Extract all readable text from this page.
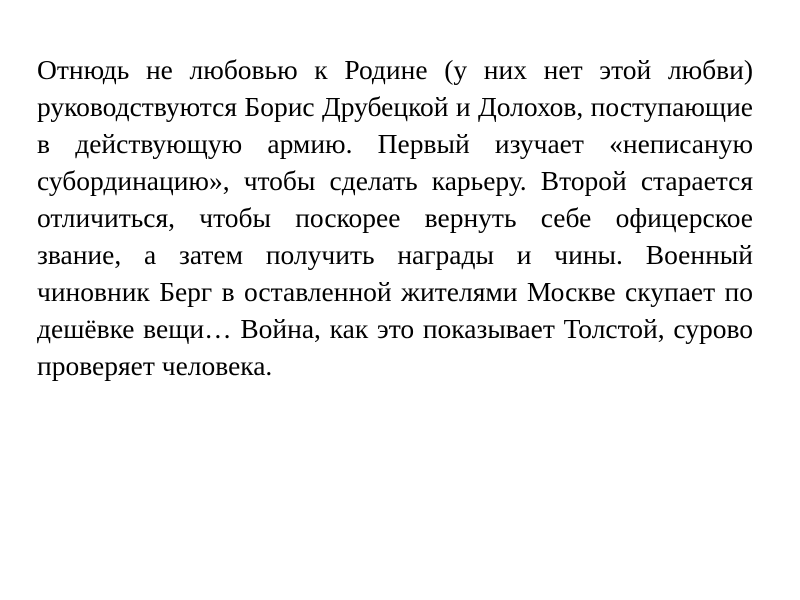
Отнюдь не любовью к Родине (у них нет этой любви) руководствуются Борис Друбецкой и Долохов, поступающие в действующую армию. Первый изучает «неписаную субординацию», чтобы сделать карьеру. Второй старается отличиться, чтобы поскорее вернуть себе офицерское звание, а затем получить награды и чины. Военный чиновник Берг в оставленной жителями Москве скупает по дешёвке вещи… Война, как это показывает Толстой, сурово проверяет человека.
